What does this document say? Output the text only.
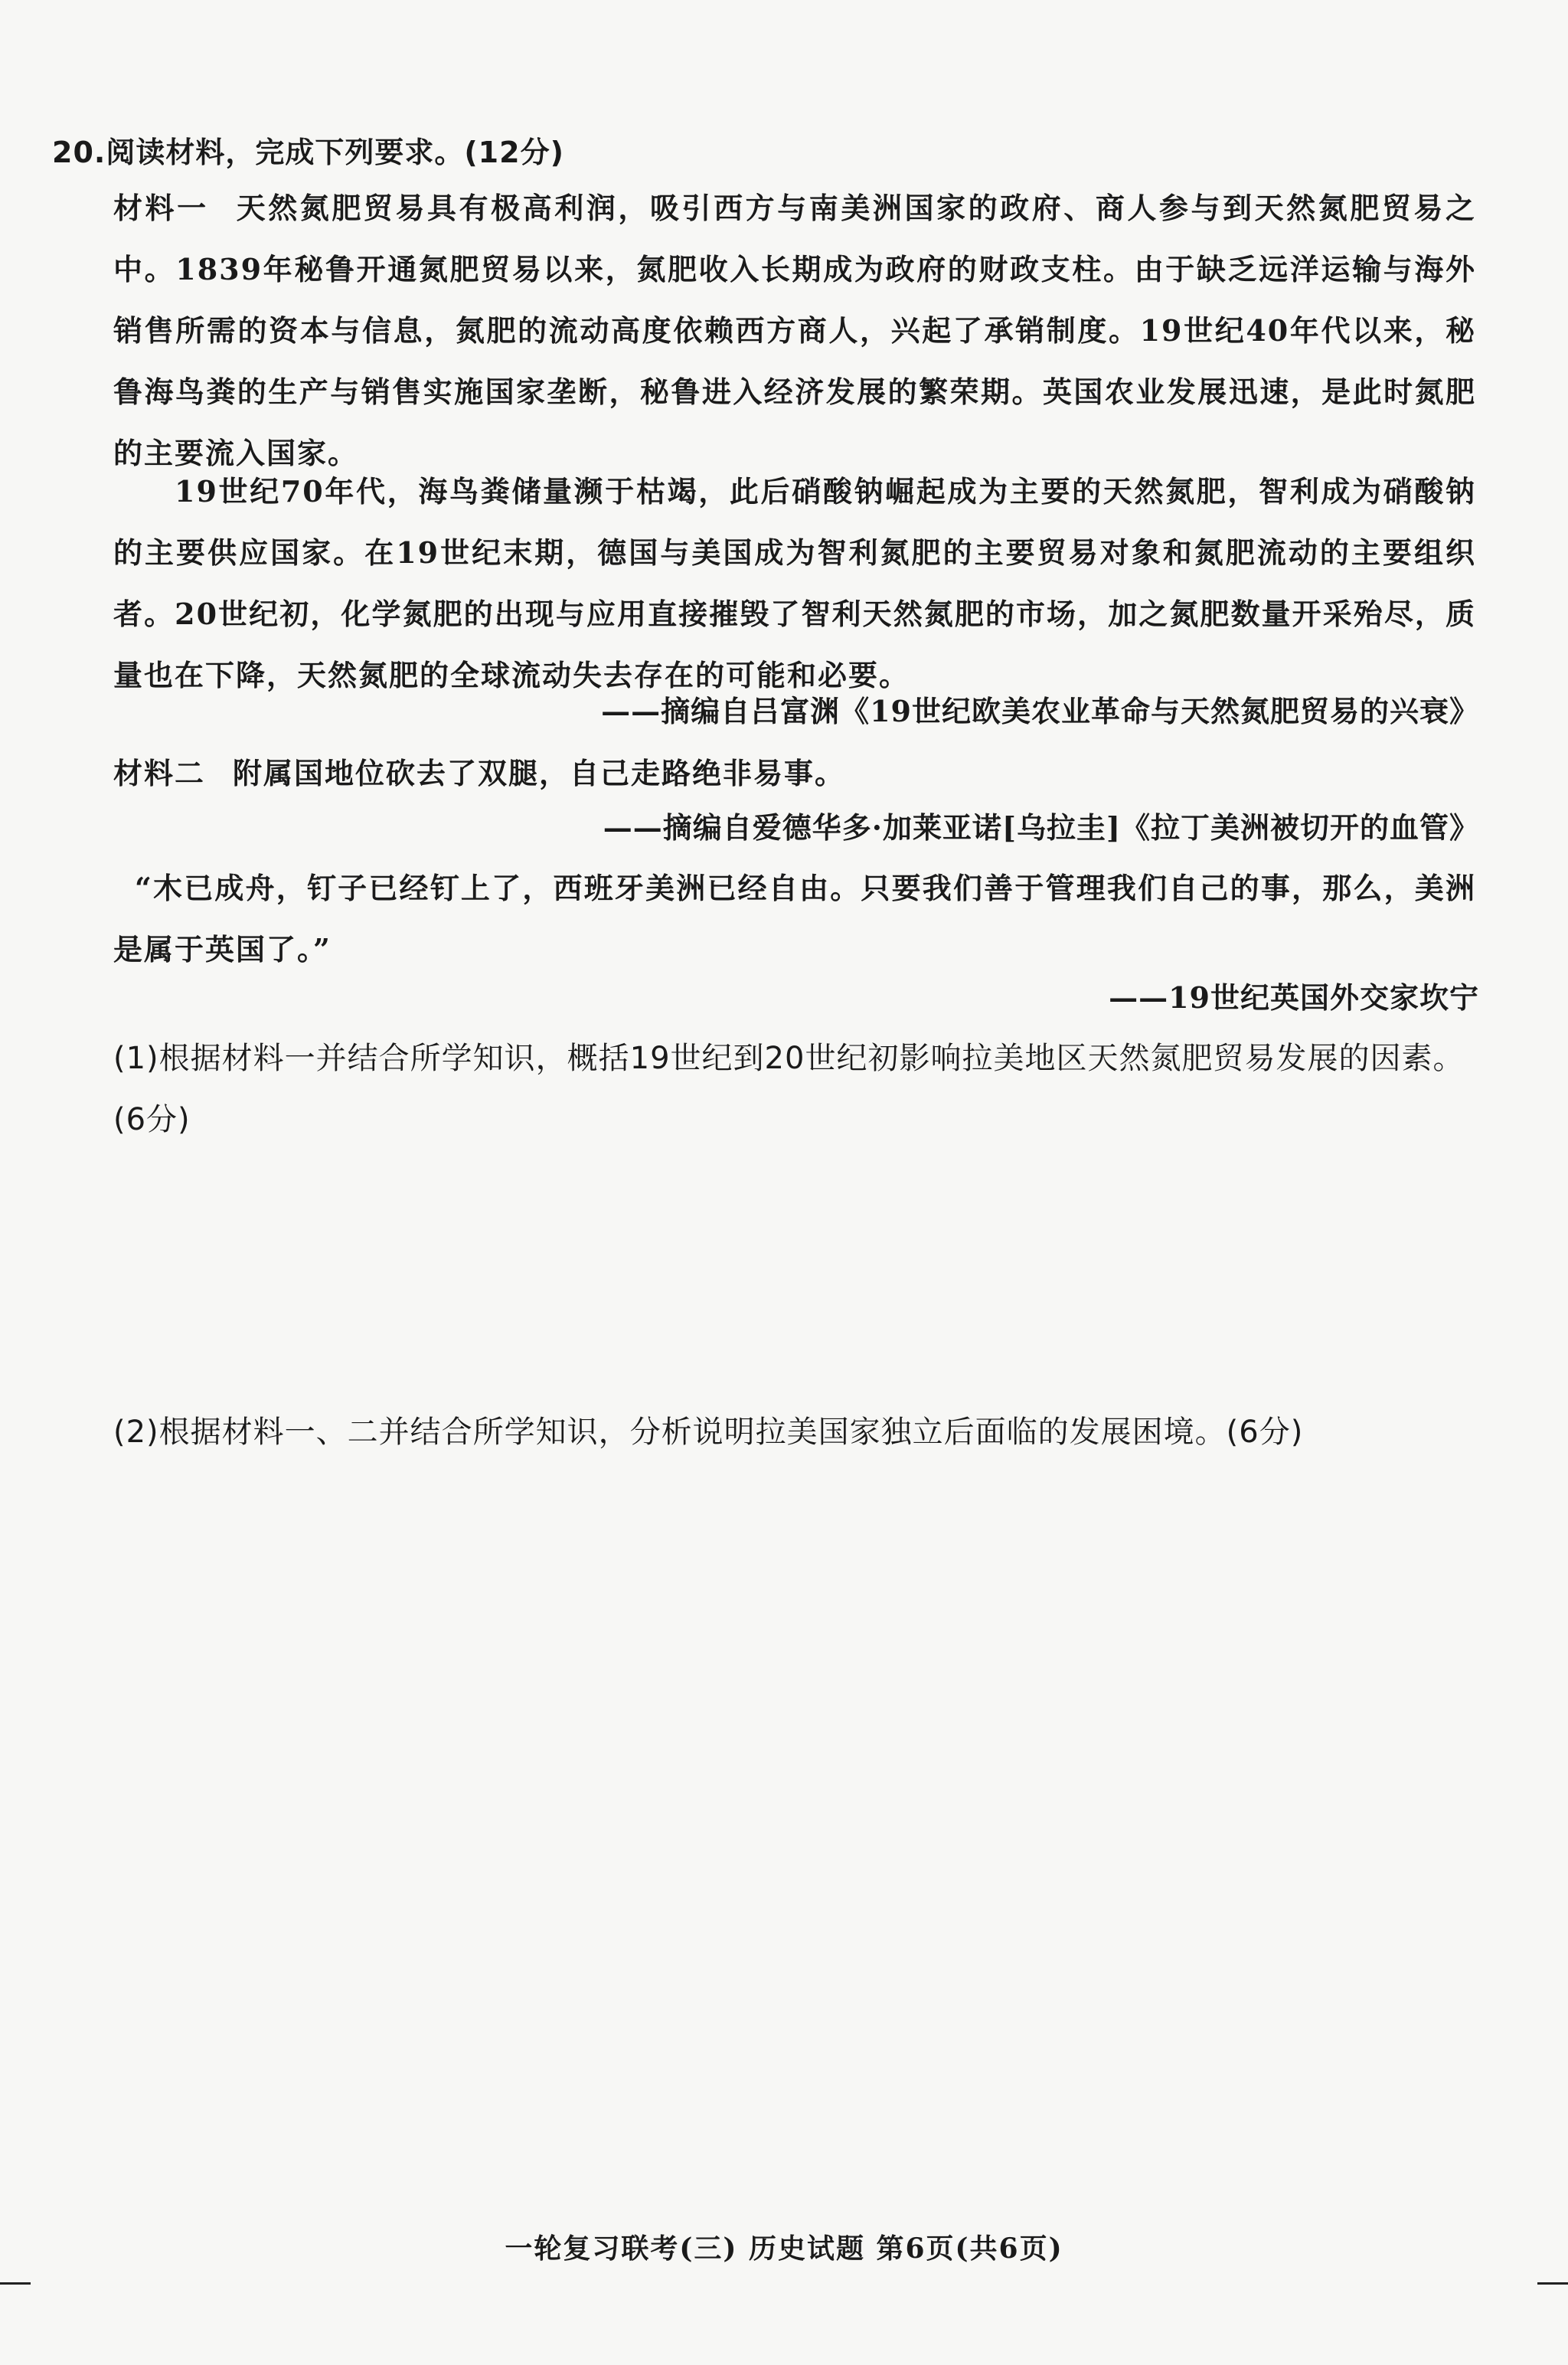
20.阅读材料，完成下列要求。(12分)
材料一 天然氮肥贸易具有极高利润，吸引西方与南美洲国家的政府、商人参与到天然氮肥贸易之中。1839年秘鲁开通氮肥贸易以来，氮肥收入长期成为政府的财政支柱。由于缺乏远洋运输与海外销售所需的资本与信息，氮肥的流动高度依赖西方商人，兴起了承销制度。19世纪40年代以来，秘鲁海鸟粪的生产与销售实施国家垄断，秘鲁进入经济发展的繁荣期。英国农业发展迅速，是此时氮肥的主要流入国家。
19世纪70年代，海鸟粪储量濒于枯竭，此后硝酸钠崛起成为主要的天然氮肥，智利成为硝酸钠的主要供应国家。在19世纪末期，德国与美国成为智利氮肥的主要贸易对象和氮肥流动的主要组织者。20世纪初，化学氮肥的出现与应用直接摧毁了智利天然氮肥的市场，加之氮肥数量开采殆尽，质量也在下降，天然氮肥的全球流动失去存在的可能和必要。
——摘编自吕富渊《19世纪欧美农业革命与天然氮肥贸易的兴衰》
材料二 附属国地位砍去了双腿，自己走路绝非易事。
——摘编自爱德华多·加莱亚诺[乌拉圭]《拉丁美洲被切开的血管》
“木已成舟，钉子已经钉上了，西班牙美洲已经自由。只要我们善于管理我们自己的事，那么，美洲是属于英国了。”
——19世纪英国外交家坎宁
(1)根据材料一并结合所学知识，概括19世纪到20世纪初影响拉美地区天然氮肥贸易发展的因素。(6分)
(2)根据材料一、二并结合所学知识，分析说明拉美国家独立后面临的发展困境。(6分)
一轮复习联考(三) 历史试题 第6页(共6页)
